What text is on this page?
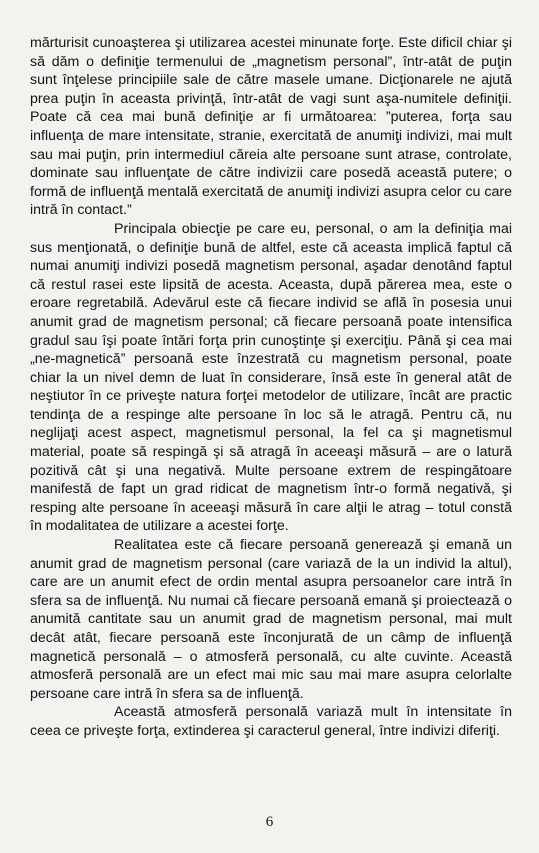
mărturisit cunoaşterea şi utilizarea acestei minunate forţe. Este dificil chiar şi să dăm o definiţie termenului de „magnetism personal”, într-atât de puţin sunt înţelese principiile sale de către masele umane. Dicţionarele ne ajută prea puţin în aceasta privinţă, într-atât de vagi sunt aşa-numitele definiţii. Poate că cea mai bună definiţie ar fi următoarea: ”puterea, forţa sau influenţa de mare intensitate, stranie, exercitată de anumiţi indivizi, mai mult sau mai puţin, prin intermediul căreia alte persoane sunt atrase, controlate, dominate sau influenţate de către indivizii care posedă această putere; o formă de influenţă mentală exercitată de anumiţi indivizi asupra celor cu care intră în contact.”

Principala obiecţie pe care eu, personal, o am la definiţia mai sus menţionată, o definiţie bună de altfel, este că aceasta implică faptul că numai anumiţi indivizi posedă magnetism personal, aşadar denotând faptul că restul rasei este lipsită de acesta. Aceasta, după părerea mea, este o eroare regretabilă. Adevărul este că fiecare individ se află în posesia unui anumit grad de magnetism personal; că fiecare persoană poate intensifica gradul sau îşi poate întări forţa prin cunoştinţe şi exerciţiu. Până şi cea mai „ne-magnetică” persoană este înzestrată cu magnetism personal, poate chiar la un nivel demn de luat în considerare, însă este în general atât de neştiutor în ce priveşte natura forţei metodelor de utilizare, încât are practic tendinţa de a respinge alte persoane în loc să le atragă. Pentru că, nu neglijaţi acest aspect, magnetismul personal, la fel ca şi magnetismul material, poate să respingă şi să atragă în aceeaşi măsură – are o latură pozitivă cât şi una negativă. Multe persoane extrem de respingătoare manifestă de fapt un grad ridicat de magnetism într-o formă negativă, şi resping alte persoane în aceeaşi măsură în care alţii le atrag – totul constă în modalitatea de utilizare a acestei forţe.

Realitatea este că fiecare persoană generează şi emană un anumit grad de magnetism personal (care variază de la un individ la altul), care are un anumit efect de ordin mental asupra persoanelor care intră în sfera sa de influenţă. Nu numai că fiecare persoană emană şi proiectează o anumită cantitate sau un anumit grad de magnetism personal, mai mult decât atât, fiecare persoană este înconjurată de un câmp de influenţă magnetică personală – o atmosferă personală, cu alte cuvinte. Această atmosferă personală are un efect mai mic sau mai mare asupra celorlalte persoane care intră în sfera sa de influenţă.

Această atmosferă personală variază mult în intensitate în ceea ce priveşte forţa, extinderea şi caracterul general, între indivizi diferiţi.

6
